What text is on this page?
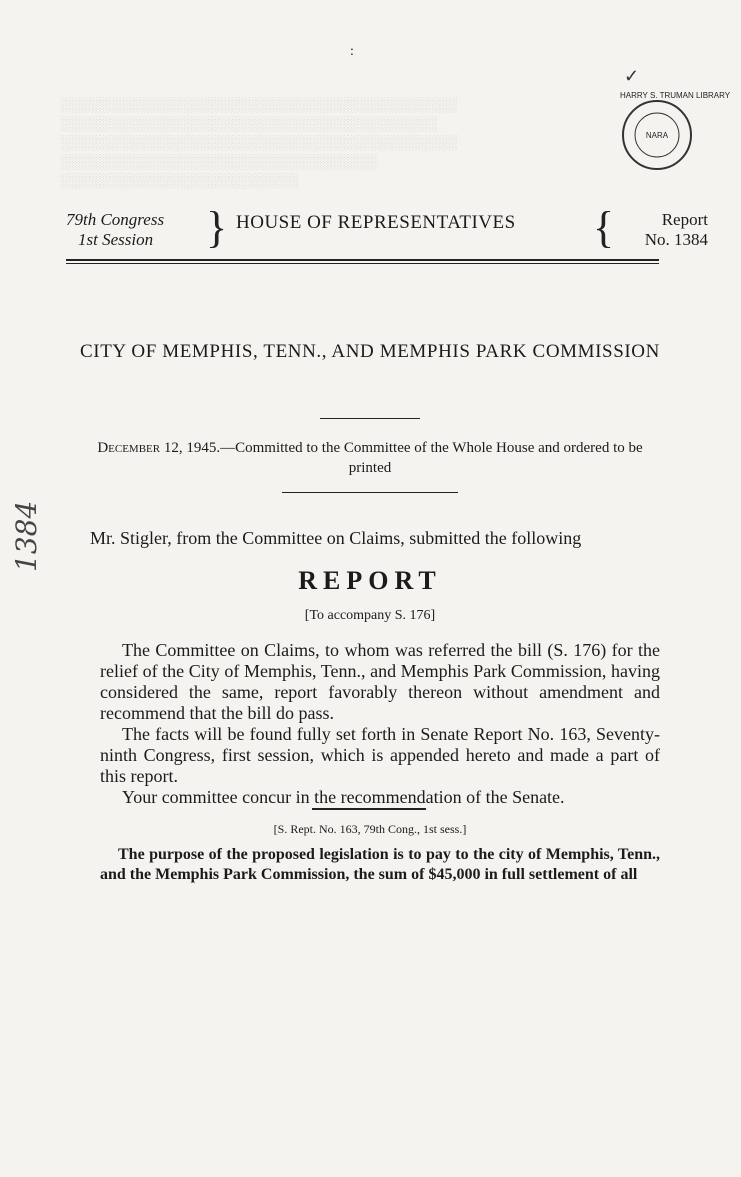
:
✓
HARRY S. TRUMAN LIBRARY
NARA
1384
░░░░░░░░░░░░░░░░░░░░░░░░░░░░░░░░░░░░░░░░
░░░░░░░░░░░░░░░░░░░░░░░░░░░░░░░░░░░░░░
░░░░░░░░░░░░░░░░░░░░░░░░░░░░░░░░░░░░░░░░
░░░░░░░░░░░░░░░░░░░░░░░░░░░░░░░░
░░░░░░░░░░░░░░░░░░░░░░░░
79th Congress
1st Session	} HOUSE OF REPRESENTATIVES {	Report
No. 1384
CITY OF MEMPHIS, TENN., AND MEMPHIS PARK COMMISSION
December 12, 1945.—Committed to the Committee of the Whole House and ordered to be printed
Mr. Stigler, from the Committee on Claims, submitted the following
REPORT
[To accompany S. 176]

The Committee on Claims, to whom was referred the bill (S. 176) for the relief of the City of Memphis, Tenn., and Memphis Park Commission, having considered the same, report favorably thereon without amendment and recommend that the bill do pass.

The facts will be found fully set forth in Senate Report No. 163, Seventy-ninth Congress, first session, which is appended hereto and made a part of this report.

Your committee concur in the recommendation of the Senate.

[S. Rept. No. 163, 79th Cong., 1st sess.]
The purpose of the proposed legislation is to pay to the city of Memphis, Tenn., and the Memphis Park Commission, the sum of $45,000 in full settlement of all
